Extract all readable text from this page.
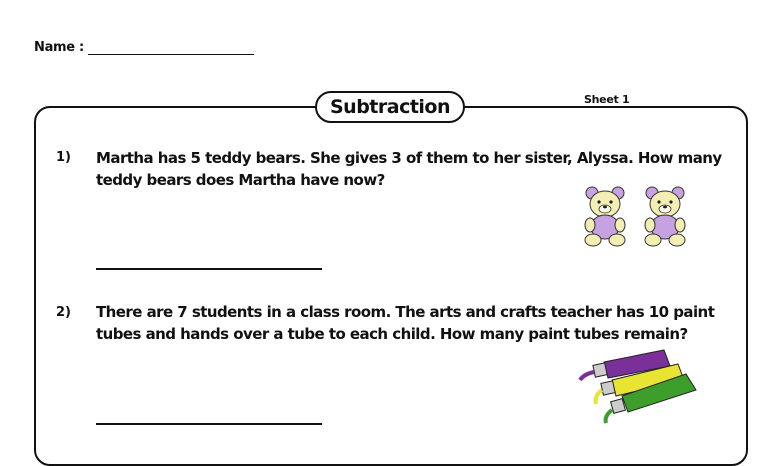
Name :
Subtraction	Sheet 1
1) Martha has 5 teddy bears. She gives 3 of them to her sister, Alyssa. How many teddy bears does Martha have now?
2) There are 7 students in a class room. The arts and crafts teacher has 10 paint tubes and hands over a tube to each child. How many paint tubes remain?
